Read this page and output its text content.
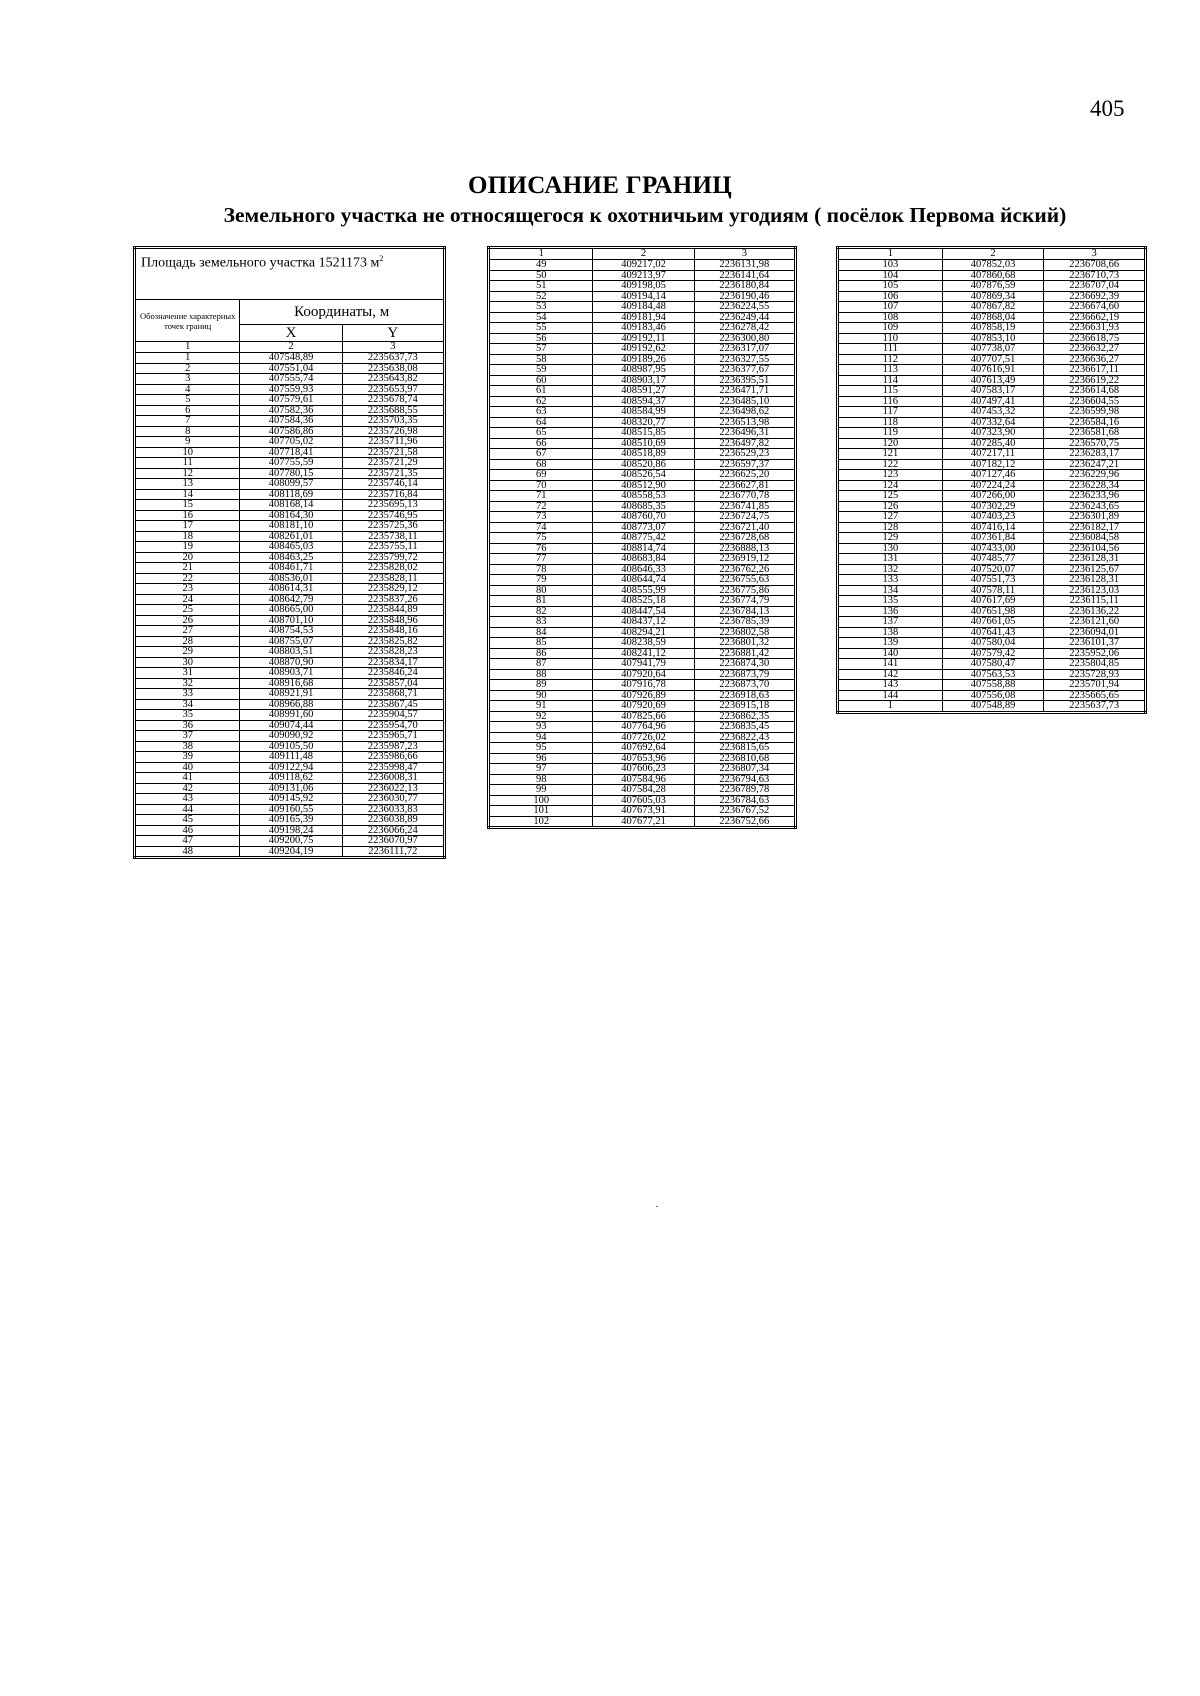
405
ОПИСАНИЕ ГРАНИЦ
Земельного участка не относящегося к охотничьим угодиям ( посёлок Первома йский)
Площадь земельного участка 1521173 $м^2$
Обозначение характерных точек границ	Координаты, м	
	X	Y
1	2	3
1	407548,89	2235637,73
2	407551,04	2235638,08
3	407555,74	2235643,82
4	407559,93	2235653,97
5	407579,61	2235678,74
6	407582,36	2235688,55
7	407584,36	2235703,35
8	407586,86	2235726,98
9	407705,02	2235711,96
10	407718,41	2235721,58
11	407755,59	2235721,29
12	407780,15	2235721,35
13	408099,57	2235746,14
14	408118,69	2235716,84
15	408168,14	2235695,13
16	408164,30	2235746,95
17	408181,10	2235725,36
18	408261,01	2235738,11
19	408465,03	2235755,11
20	408463,25	2235799,72
21	408461,71	2235828,02
22	408536,01	2235828,11
23	408614,31	2235829,12
24	408642,79	2235837,26
25	408665,00	2235844,89
26	408701,10	2235848,96
27	408754,53	2235848,16
28	408755,07	2235825,82
29	408803,51	2235828,23
30	408870,90	2235834,17
31	408903,71	2235846,24
32	408916,68	2235857,04
33	408921,91	2235868,71
34	408966,88	2235867,45
35	408991,60	2235904,57
36	409074,44	2235954,70
37	409090,92	2235965,71
38	409105,50	2235987,23
39	409111,48	2235986,66
40	409122,94	2235998,47
41	409118,62	2236008,31
42	409131,06	2236022,13
43	409145,92	2236030,77
44	409160,55	2236033,83
45	409165,39	2236038,89
46	409198,24	2236066,24
47	409200,75	2236070,97
48	409204,19	2236111,72
1	2	3
49	409217,02	2236131,98
50	409213,97	2236141,64
51	409198,05	2236180,84
52	409194,14	2236190,46
53	409184,48	2236224,55
54	409181,94	2236249,44
55	409183,46	2236278,42
56	409192,11	2236300,80
57	409192,62	2236317,07
58	409189,26	2236327,55
59	408987,95	2236377,67
60	408903,17	2236395,51
61	408591,27	2236471,71
62	408594,37	2236485,10
63	408584,99	2236498,62
64	408320,77	2236513,98
65	408515,85	2236496,31
66	408510,69	2236497,82
67	408518,89	2236529,23
68	408520,86	2236597,37
69	408526,54	2236625,20
70	408512,90	2236627,81
71	408558,53	2236770,78
72	408685,35	2236741,85
73	408760,70	2236724,75
74	408773,07	2236721,40
75	408775,42	2236728,68
76	408814,74	2236888,13
77	408683,84	2236919,12
78	408646,33	2236762,26
79	408644,74	2236755,63
80	408555,99	2236775,86
81	408525,18	2236774,79
82	408447,54	2236784,13
83	408437,12	2236785,39
84	408294,21	2236802,58
85	408238,59	2236801,32
86	408241,12	2236881,42
87	407941,79	2236874,30
88	407920,64	2236873,79
89	407916,78	2236873,70
90	407926,89	2236918,63
91	407920,69	2236915,18
92	407825,66	2236862,35
93	407764,96	2236835,45
94	407726,02	2236822,43
95	407692,64	2236815,65
96	407653,96	2236810,68
97	407606,23	2236807,34
98	407584,96	2236794,63
99	407584,28	2236789,78
100	407605,03	2236784,63
101	407673,91	2236767,52
102	407677,21	2236752,66
1	2	3
103	407852,03	2236708,66
104	407860,68	2236710,73
105	407876,59	2236707,04
106	407869,34	2236692,39
107	407867,82	2236674,60
108	407868,04	2236662,19
109	407858,19	2236631,93
110	407853,10	2236618,75
111	407738,07	2236632,27
112	407707,51	2236636,27
113	407616,91	2236617,11
114	407613,49	2236619,22
115	407583,17	2236614,68
116	407497,41	2236604,55
117	407453,32	2236599,98
118	407332,64	2236584,16
119	407323,90	2236581,68
120	407285,40	2236570,75
121	407217,11	2236283,17
122	407182,12	2236247,21
123	407127,46	2236229,96
124	407224,24	2236228,34
125	407266,00	2236233,96
126	407302,29	2236243,65
127	407403,23	2236301,89
128	407416,14	2236182,17
129	407361,84	2236084,58
130	407433,00	2236104,56
131	407485,77	2236128,31
132	407520,07	2236125,67
133	407551,73	2236128,31
134	407578,11	2236123,03
135	407617,69	2236115,11
136	407651,98	2236136,22
137	407661,05	2236121,60
138	407641,43	2236094,01
139	407580,04	2236101,37
140	407579,42	2235952,06
141	407580,47	2235804,85
142	407563,53	2235728,93
143	407558,88	2235701,94
144	407556,08	2235665,65
1	407548,89	2235637,73
